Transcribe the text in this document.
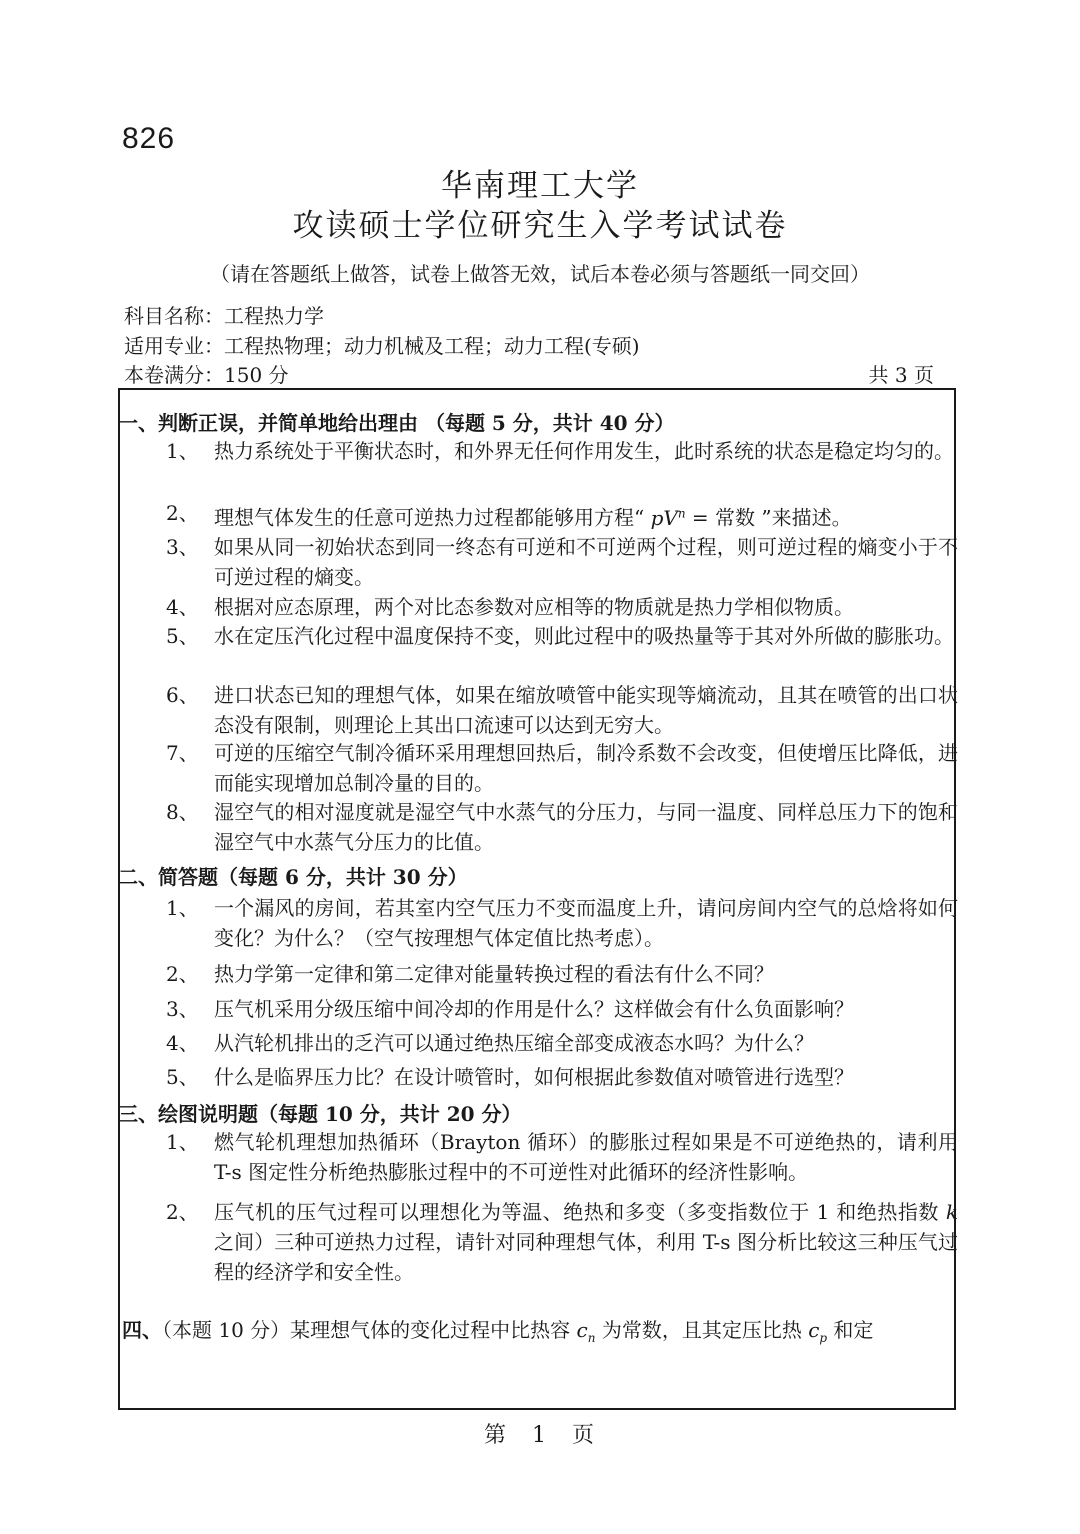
​
826
华南理工大学
攻读硕士学位研究生入学考试试卷
（请在答题纸上做答，试卷上做答无效，试后本卷必须与答题纸一同交回）
科目名称：工程热力学
适用专业：工程热物理；动力机械及工程；动力工程(专硕)
本卷满分：150 分	共 3 页
一、判断正误，并简单地给出理由 （每题 5 分，共计 40 分）
1、 热力系统处于平衡状态时，和外界无任何作用发生，此时系统的状态是稳定均匀的。
2、 理想气体发生的任意可逆热力过程都能够用方程“ $pV^n$ = 常数 ”来描述。
3、 如果从同一初始状态到同一终态有可逆和不可逆两个过程，则可逆过程的熵变小于不可逆过程的熵变。
4、 根据对应态原理，两个对比态参数对应相等的物质就是热力学相似物质。
5、 水在定压汽化过程中温度保持不变，则此过程中的吸热量等于其对外所做的膨胀功。
6、 进口状态已知的理想气体，如果在缩放喷管中能实现等熵流动，且其在喷管的出口状态没有限制，则理论上其出口流速可以达到无穷大。
7、 可逆的压缩空气制冷循环采用理想回热后，制冷系数不会改变，但使增压比降低，进而能实现增加总制冷量的目的。
8、 湿空气的相对湿度就是湿空气中水蒸气的分压力，与同一温度、同样总压力下的饱和湿空气中水蒸气分压力的比值。
二、简答题（每题 6 分，共计 30 分）
1、 一个漏风的房间，若其室内空气压力不变而温度上升，请问房间内空气的总焓将如何变化？为什么？（空气按理想气体定值比热考虑）。
2、 热力学第一定律和第二定律对能量转换过程的看法有什么不同？
3、 压气机采用分级压缩中间冷却的作用是什么？这样做会有什么负面影响？
4、 从汽轮机排出的乏汽可以通过绝热压缩全部变成液态水吗？为什么？
5、 什么是临界压力比？在设计喷管时，如何根据此参数值对喷管进行选型？
三、绘图说明题（每题 10 分，共计 20 分）
1、 燃气轮机理想加热循环（Brayton 循环）的膨胀过程如果是不可逆绝热的，请利用 T-s 图定性分析绝热膨胀过程中的不可逆性对此循环的经济性影响。
2、 压气机的压气过程可以理想化为等温、绝热和多变（多变指数位于 1 和绝热指数 k 之间）三种可逆热力过程，请针对同种理想气体，利用 T-s 图分析比较这三种压气过程的经济学和安全性。
四、（本题 10 分）某理想气体的变化过程中比热容 $c_n$ 为常数，且其定压比热 $c_p$ 和定
第　1　页
